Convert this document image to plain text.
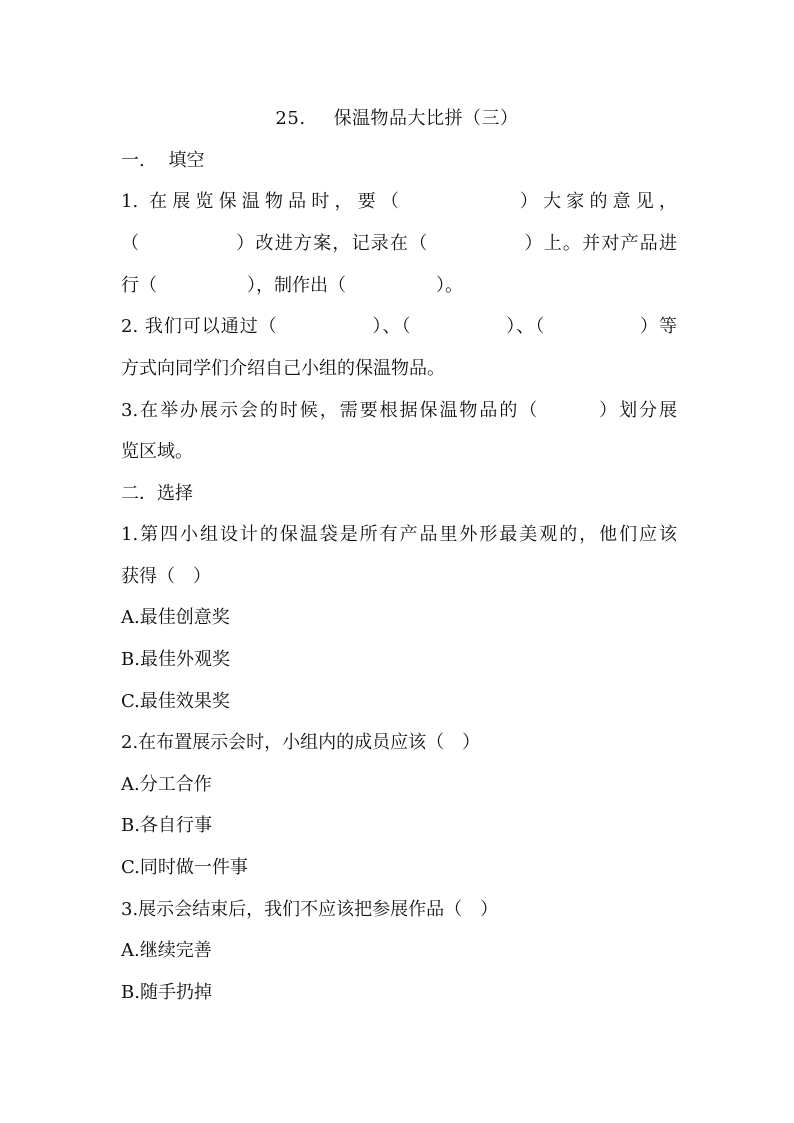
25. 保温物品大比拼（三）
一.　 填空
1. 在展览保温物品时，要（　　　　　）大家的意见，
（　　　　　）改进方案，记录在（　　　　　）上。并对产品进
行（　　　　　），制作出（　　　　　）。
2. 我们可以通过（　　　　　）、（　　　　　）、（　　　　　）等
方式向同学们介绍自己小组的保温物品。
3.在举办展示会的时候，需要根据保温物品的（　　　）划分展
览区域。
二．选择
1.第四小组设计的保温袋是所有产品里外形最美观的，他们应该
获得（　）
A.最佳创意奖
B.最佳外观奖
C.最佳效果奖
2.在布置展示会时，小组内的成员应该（　）
A.分工合作
B.各自行事
C.同时做一件事
3.展示会结束后，我们不应该把参展作品（　）
A.继续完善
B.随手扔掉
